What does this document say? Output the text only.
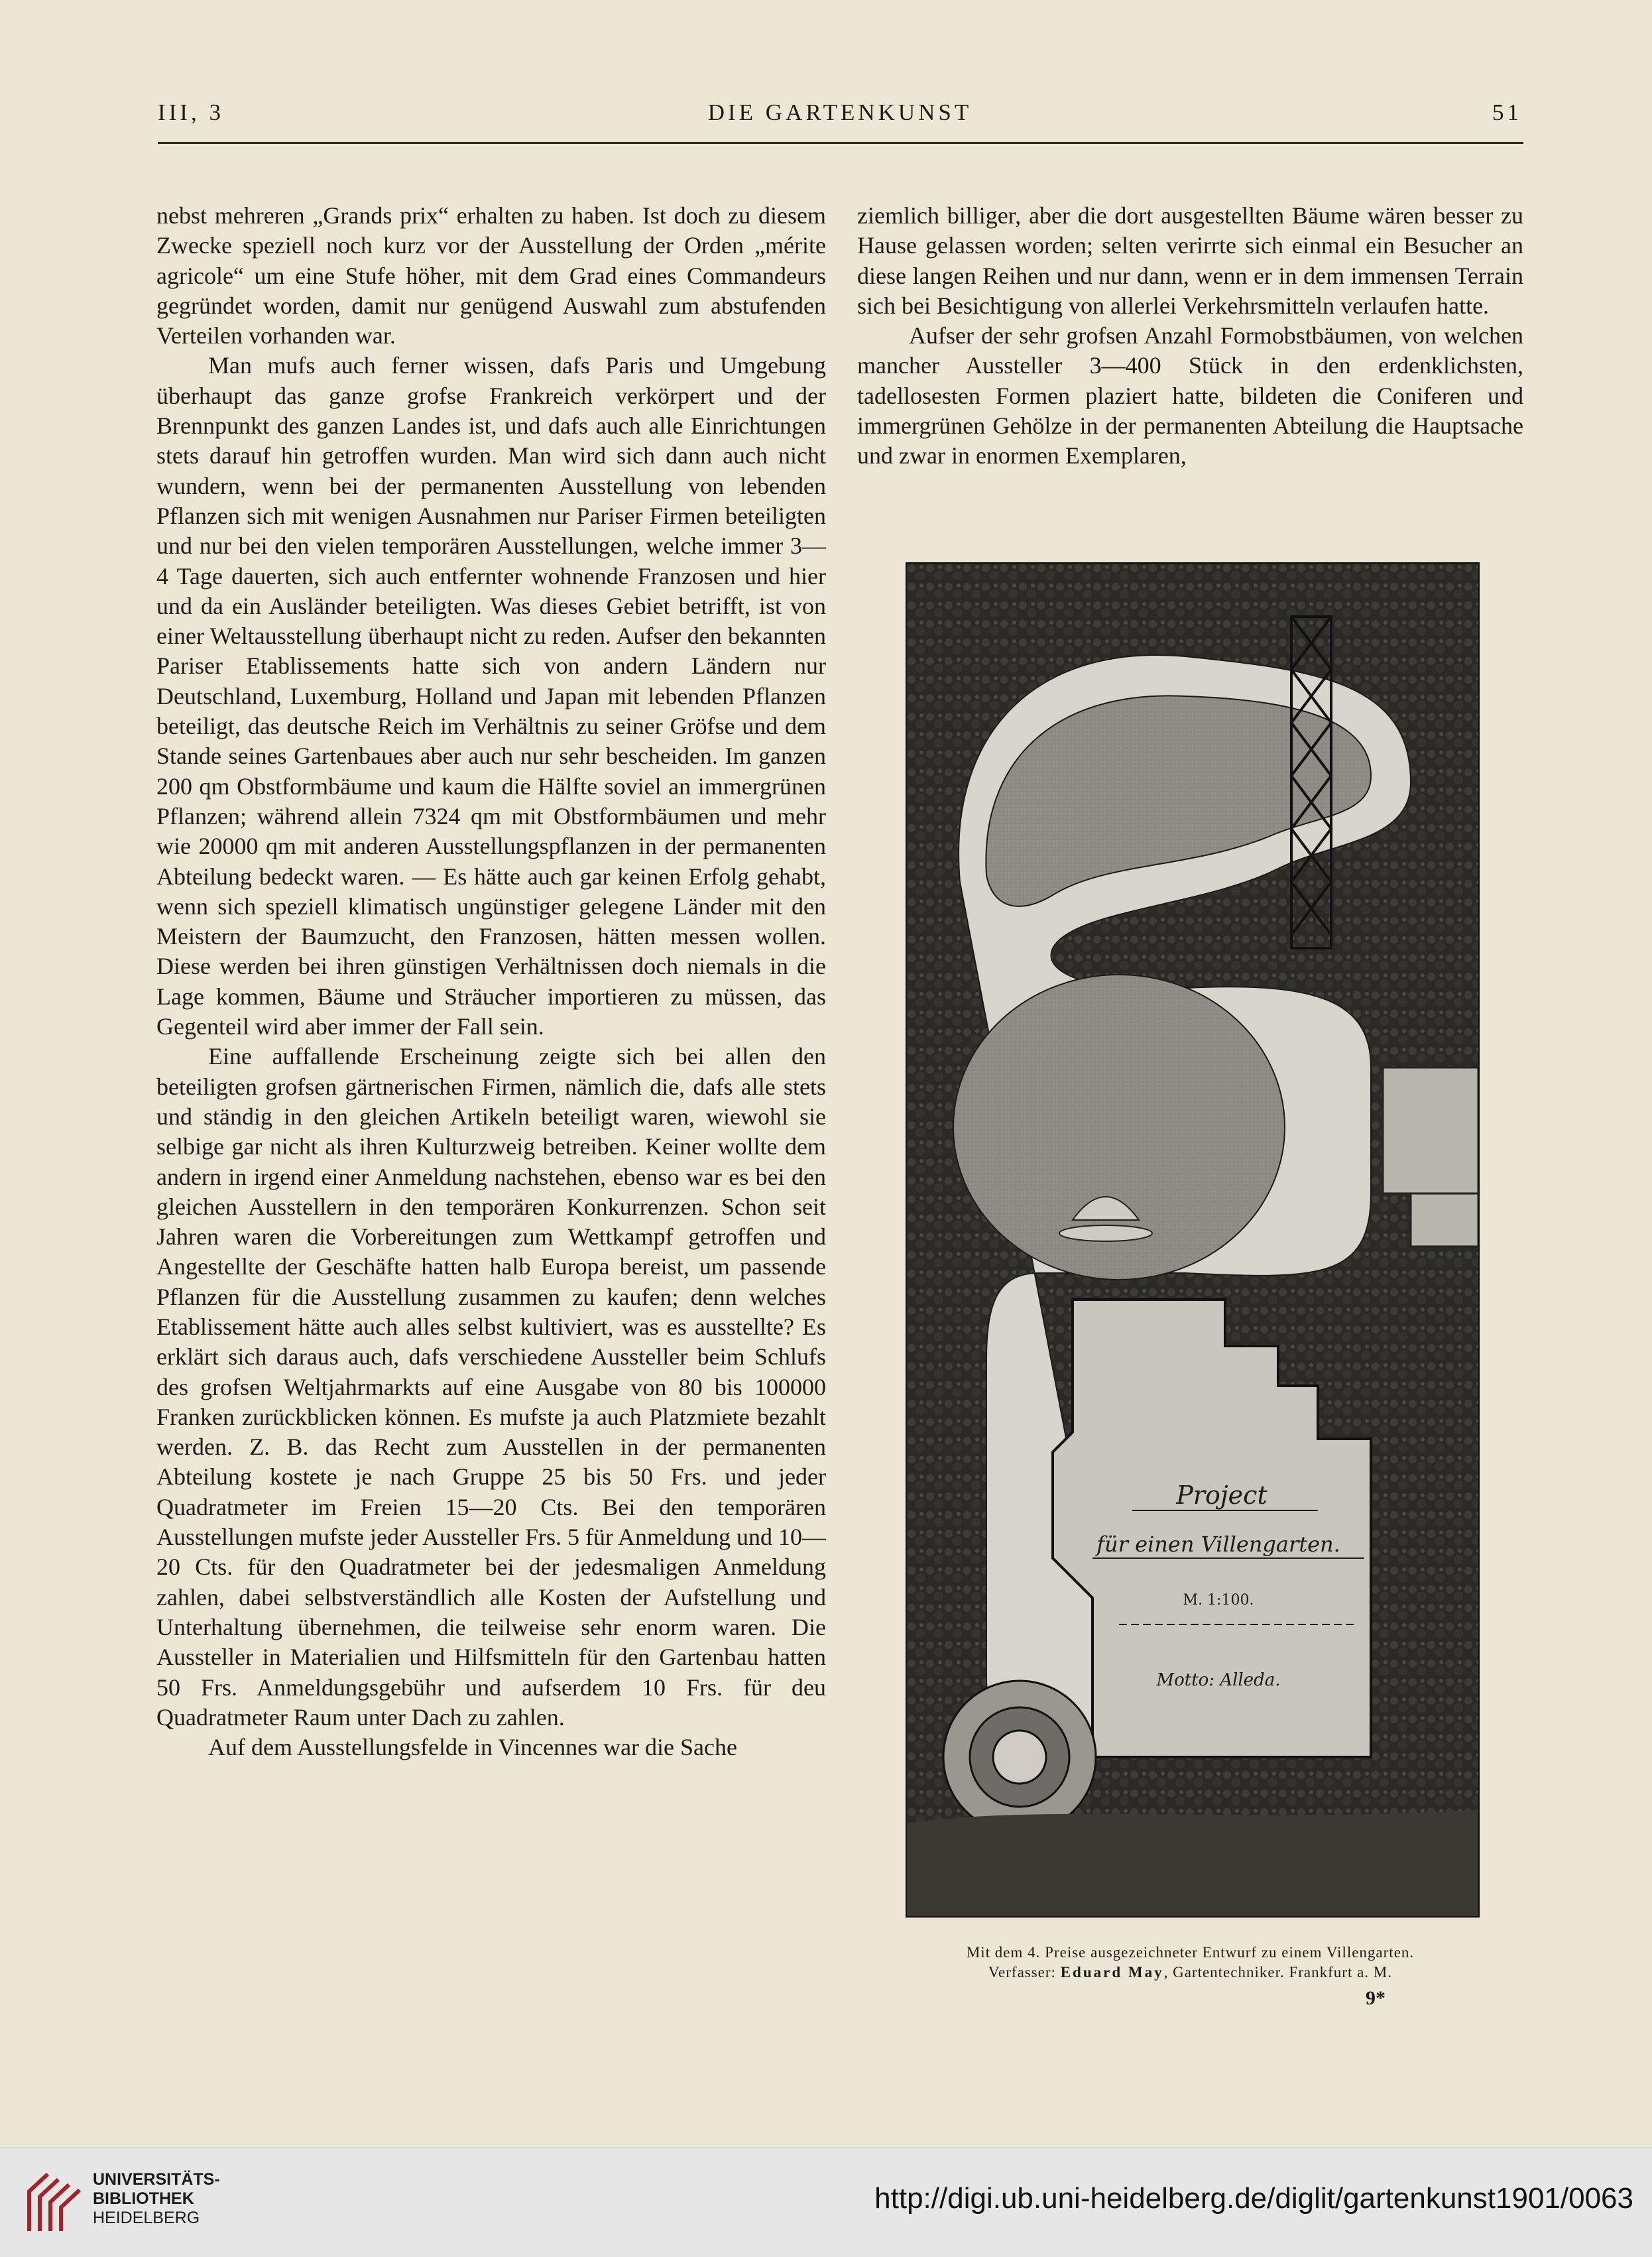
III, 3	DIE GARTENKUNST	51

nebst mehreren „Grands prix“ erhalten zu haben. Ist doch zu diesem Zwecke speziell noch kurz vor der Ausstellung der Orden „mérite agricole“ um eine Stufe höher, mit dem Grad eines Commandeurs gegründet worden, damit nur genügend Auswahl zum abstufenden Verteilen vorhanden war.

Man mufs auch ferner wissen, dafs Paris und Umgebung überhaupt das ganze grofse Frankreich verkörpert und der Brennpunkt des ganzen Landes ist, und dafs auch alle Einrichtungen stets darauf hin getroffen wurden. Man wird sich dann auch nicht wundern, wenn bei der permanenten Ausstellung von lebenden Pflanzen sich mit wenigen Ausnahmen nur Pariser Firmen beteiligten und nur bei den vielen temporären Ausstellungen, welche immer 3—4 Tage dauerten, sich auch entfernter wohnende Franzosen und hier und da ein Ausländer beteiligten. Was dieses Gebiet betrifft, ist von einer Weltausstellung überhaupt nicht zu reden. Aufser den bekannten Pariser Etablissements hatte sich von andern Ländern nur Deutschland, Luxemburg, Holland und Japan mit lebenden Pflanzen beteiligt, das deutsche Reich im Verhältnis zu seiner Gröfse und dem Stande seines Gartenbaues aber auch nur sehr bescheiden. Im ganzen 200 qm Obstformbäume und kaum die Hälfte soviel an immergrünen Pflanzen; während allein 7324 qm mit Obstformbäumen und mehr wie 20000 qm mit anderen Ausstellungspflanzen in der permanenten Abteilung bedeckt waren. — Es hätte auch gar keinen Erfolg gehabt, wenn sich speziell klimatisch ungünstiger gelegene Länder mit den Meistern der Baumzucht, den Franzosen, hätten messen wollen. Diese werden bei ihren günstigen Verhältnissen doch niemals in die Lage kommen, Bäume und Sträucher importieren zu müssen, das Gegenteil wird aber immer der Fall sein.

Eine auffallende Erscheinung zeigte sich bei allen den beteiligten grofsen gärtnerischen Firmen, nämlich die, dafs alle stets und ständig in den gleichen Artikeln beteiligt waren, wiewohl sie selbige gar nicht als ihren Kulturzweig betreiben. Keiner wollte dem andern in irgend einer Anmeldung nachstehen, ebenso war es bei den gleichen Ausstellern in den temporären Konkurrenzen. Schon seit Jahren waren die Vorbereitungen zum Wettkampf getroffen und Angestellte der Geschäfte hatten halb Europa bereist, um passende Pflanzen für die Ausstellung zusammen zu kaufen; denn welches Etablissement hätte auch alles selbst kultiviert, was es ausstellte? Es erklärt sich daraus auch, dafs verschiedene Aussteller beim Schlufs des grofsen Weltjahrmarkts auf eine Ausgabe von 80 bis 100000 Franken zurückblicken können. Es mufste ja auch Platzmiete bezahlt werden. Z. B. das Recht zum Ausstellen in der permanenten Abteilung kostete je nach Gruppe 25 bis 50 Frs. und jeder Quadratmeter im Freien 15—20 Cts. Bei den temporären Ausstellungen mufste jeder Aussteller Frs. 5 für Anmeldung und 10—20 Cts. für den Quadratmeter bei der jedesmaligen Anmeldung zahlen, dabei selbstverständlich alle Kosten der Aufstellung und Unterhaltung übernehmen, die teilweise sehr enorm waren. Die Aussteller in Materialien und Hilfsmitteln für den Gartenbau hatten 50 Frs. Anmeldungsgebühr und aufserdem 10 Frs. für deu Quadratmeter Raum unter Dach zu zahlen.

Auf dem Ausstellungsfelde in Vincennes war die Sache

ziemlich billiger, aber die dort ausgestellten Bäume wären besser zu Hause gelassen worden; selten verirrte sich einmal ein Besucher an diese langen Reihen und nur dann, wenn er in dem immensen Terrain sich bei Besichtigung von allerlei Verkehrsmitteln verlaufen hatte.

Aufser der sehr grofsen Anzahl Formobstbäumen, von welchen mancher Aussteller 3—400 Stück in den erdenklichsten, tadellosesten Formen plaziert hatte, bildeten die Coniferen und immergrünen Gehölze in der permanenten Abteilung die Hauptsache und zwar in enormen Exemplaren,

Project
für einen Villengarten.
M. 1:100.
Motto: Alleda.
Mit dem 4. Preise ausgezeichneter Entwurf zu einem Villengarten.
Verfasser: Eduard May, Gartentechniker. Frankfurt a. M.
9*
UNIVERSITÄTS-
BIBLIOTHEK
HEIDELBERG
http://digi.ub.uni-heidelberg.de/diglit/gartenkunst1901/0063
